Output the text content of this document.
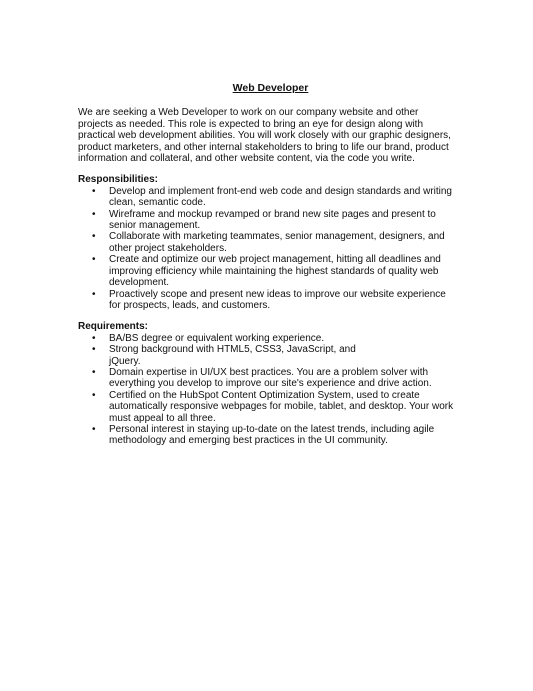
Web Developer

We are seeking a Web Developer to work on our company website and other projects as needed. This role is expected to bring an eye for design along with practical web development abilities. You will work closely with our graphic designers, product marketers, and other internal stakeholders to bring to life our brand, product information and collateral, and other website content, via the code you write.

Responsibilities:
• Develop and implement front-end web code and design standards and writing clean, semantic code.
• Wireframe and mockup revamped or brand new site pages and present to senior management.
• Collaborate with marketing teammates, senior management, designers, and other project stakeholders.
• Create and optimize our web project management, hitting all deadlines and improving efficiency while maintaining the highest standards of quality web development.
• Proactively scope and present new ideas to improve our website experience for prospects, leads, and customers.
Requirements:
• BA/BS degree or equivalent working experience.
• Strong background with HTML5, CSS3, JavaScript, and jQuery.
• Domain expertise in UI/UX best practices. You are a problem solver with everything you develop to improve our site's experience and drive action.
• Certified on the HubSpot Content Optimization System, used to create automatically responsive webpages for mobile, tablet, and desktop. Your work must appeal to all three.
• Personal interest in staying up-to-date on the latest trends, including agile methodology and emerging best practices in the UI community.
